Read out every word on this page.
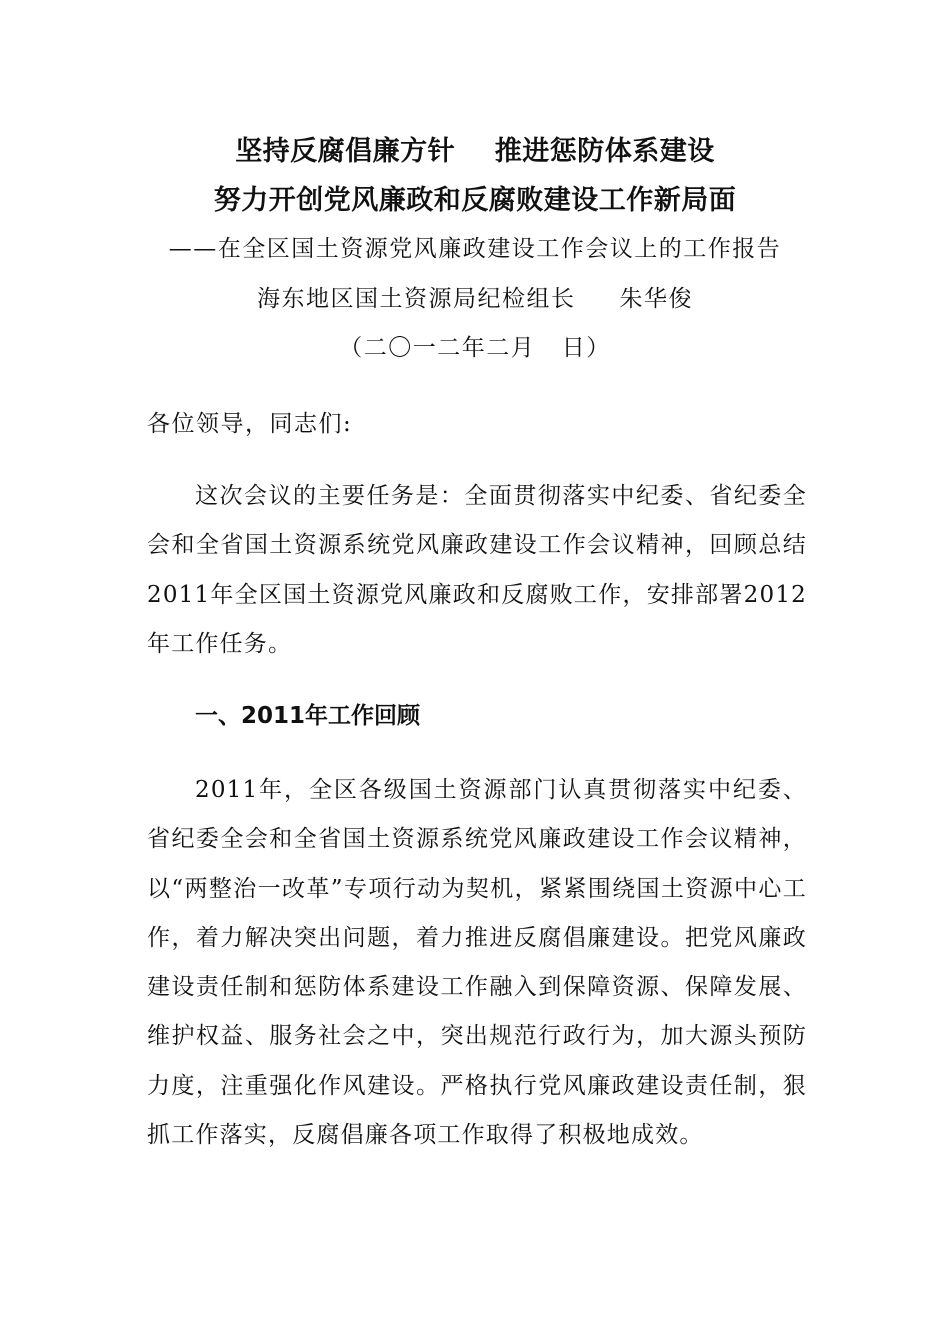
坚持反腐倡廉方针    推进惩防体系建设
努力开创党风廉政和反腐败建设工作新局面
——在全区国土资源党风廉政建设工作会议上的工作报告
海东地区国土资源局纪检组长     朱华俊
（二〇一二年二月   日）
各位领导，同志们:

这次会议的主要任务是：全面贯彻落实中纪委、省纪委全会和全省国土资源系统党风廉政建设工作会议精神，回顾总结2011年全区国土资源党风廉政和反腐败工作，安排部署2012年工作任务。

一、2011年工作回顾

2011年，全区各级国土资源部门认真贯彻落实中纪委、省纪委全会和全省国土资源系统党风廉政建设工作会议精神，以“两整治一改革”专项行动为契机，紧紧围绕国土资源中心工作，着力解决突出问题，着力推进反腐倡廉建设。把党风廉政建设责任制和惩防体系建设工作融入到保障资源、保障发展、维护权益、服务社会之中，突出规范行政行为，加大源头预防力度，注重强化作风建设。严格执行党风廉政建设责任制，狠抓工作落实，反腐倡廉各项工作取得了积极地成效。
